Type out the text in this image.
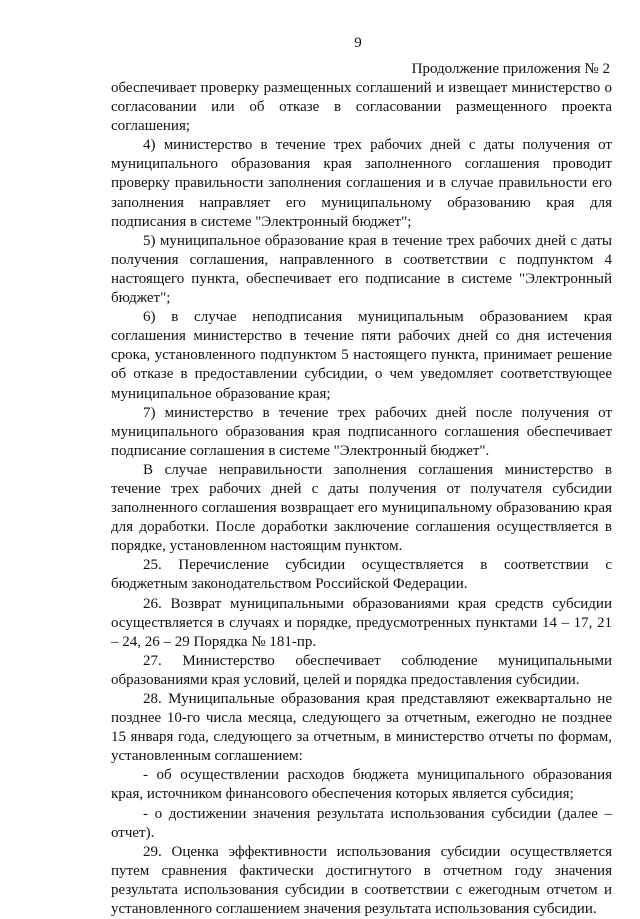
9
Продолжение приложения № 2

обеспечивает проверку размещенных соглашений и извещает министерство о согласовании или об отказе в согласовании размещенного проекта соглашения;

4) министерство в течение трех рабочих дней с даты получения от муниципального образования края заполненного соглашения проводит проверку правильности заполнения соглашения и в случае правильности его заполнения направляет его муниципальному образованию края для подписания в системе "Электронный бюджет";

5) муниципальное образование края в течение трех рабочих дней с даты получения соглашения, направленного в соответствии с подпунктом 4 настоящего пункта, обеспечивает его подписание в системе "Электронный бюджет";

6) в случае неподписания муниципальным образованием края соглашения министерство в течение пяти рабочих дней со дня истечения срока, установленного подпунктом 5 настоящего пункта, принимает решение об отказе в предоставлении субсидии, о чем уведомляет соответствующее муниципальное образование края;

7) министерство в течение трех рабочих дней после получения от муниципального образования края подписанного соглашения обеспечивает подписание соглашения в системе "Электронный бюджет".

В случае неправильности заполнения соглашения министерство в течение трех рабочих дней с даты получения от получателя субсидии заполненного соглашения возвращает его муниципальному образованию края для доработки. После доработки заключение соглашения осуществляется в порядке, установленном настоящим пунктом.

25. Перечисление субсидии осуществляется в соответствии с бюджетным законодательством Российской Федерации.

26. Возврат муниципальными образованиями края средств субсидии осуществляется в случаях и порядке, предусмотренных пунктами 14 – 17, 21 – 24, 26 – 29 Порядка № 181-пр.

27. Министерство обеспечивает соблюдение муниципальными образованиями края условий, целей и порядка предоставления субсидии.

28. Муниципальные образования края представляют ежеквартально не позднее 10-го числа месяца, следующего за отчетным, ежегодно не позднее 15 января года, следующего за отчетным, в министерство отчеты по формам, установленным соглашением:

- об осуществлении расходов бюджета муниципального образования края, источником финансового обеспечения которых является субсидия;

- о достижении значения результата использования субсидии (далее – отчет).

29. Оценка эффективности использования субсидии осуществляется путем сравнения фактически достигнутого в отчетном году значения результата использования субсидии в соответствии с ежегодным отчетом и установленного соглашением значения результата использования субсидии.
